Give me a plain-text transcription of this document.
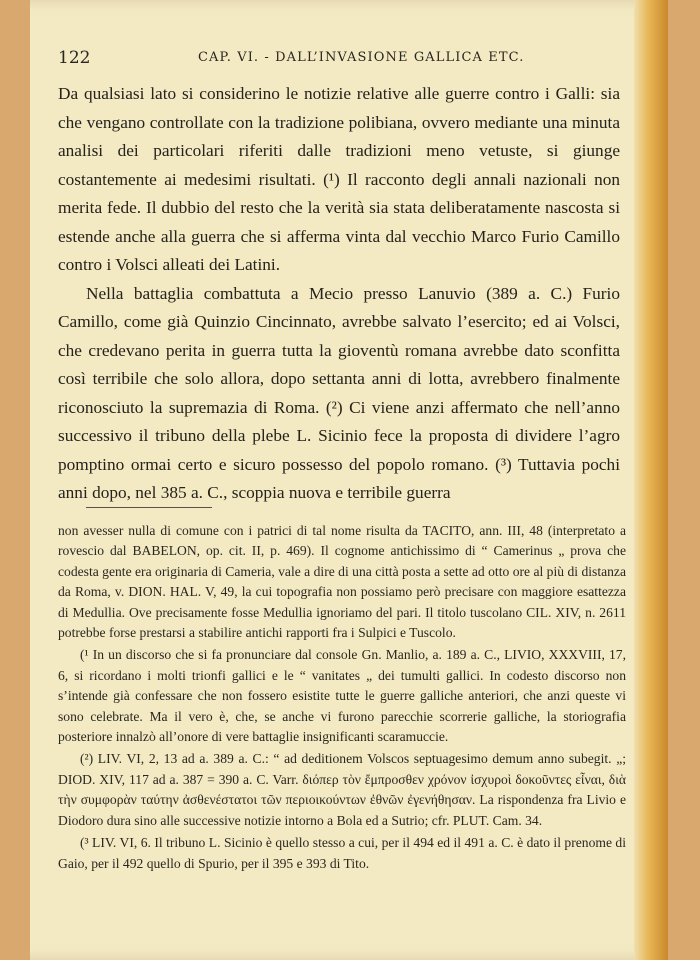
122	CAP. VI. - DALL’INVASIONE GALLICA ETC.

Da qualsiasi lato si considerino le notizie relative alle guerre contro i Galli: sia che vengano controllate con la tradizione polibiana, ovvero mediante una minuta analisi dei particolari riferiti dalle tradizioni meno vetuste, si giunge costantemente ai medesimi risultati. (¹) Il racconto degli annali nazionali non merita fede. Il dubbio del resto che la verità sia stata deliberatamente nascosta si estende anche alla guerra che si afferma vinta dal vecchio Marco Furio Camillo contro i Volsci alleati dei Latini.

Nella battaglia combattuta a Mecio presso Lanuvio (389 a. C.) Furio Camillo, come già Quinzio Cincinnato, avrebbe salvato l’esercito; ed ai Volsci, che credevano perita in guerra tutta la gioventù romana avrebbe dato sconfitta così terribile che solo allora, dopo settanta anni di lotta, avrebbero finalmente riconosciuto la supremazia di Roma. (²) Ci viene anzi affermato che nell’anno successivo il tribuno della plebe L. Sicinio fece la proposta di dividere l’agro pomptino ormai certo e sicuro possesso del popolo romano. (³) Tuttavia pochi anni dopo, nel 385 a. C., scoppia nuova e terribile guerra

non avesser nulla di comune con i patrici di tal nome risulta da TACITO, ann. III, 48 (interpretato a rovescio dal BABELON, op. cit. II, p. 469). Il cognome antichissimo di “ Camerinus „ prova che codesta gente era originaria di Cameria, vale a dire di una città posta a sette ad otto ore al più di distanza da Roma, v. DION. HAL. V, 49, la cui topografia non possiamo però precisare con maggiore esattezza di Medullia. Ove precisamente fosse Medullia ignoriamo del pari. Il titolo tuscolano CIL. XIV, n. 2611 potrebbe forse prestarsi a stabilire antichi rapporti fra i Sulpici e Tuscolo.

(¹ In un discorso che si fa pronunciare dal console Gn. Manlio, a. 189 a. C., LIVIO, XXXVIII, 17, 6, si ricordano i molti trionfi gallici e le “ vanitates „ dei tumulti gallici. In codesto discorso non s’intende già confessare che non fossero esistite tutte le guerre galliche anteriori, che anzi queste vi sono celebrate. Ma il vero è, che, se anche vi furono parecchie scorrerie galliche, la storiografia posteriore innalzò all’onore di vere battaglie insignificanti scaramuccie.

(²) LIV. VI, 2, 13 ad a. 389 a. C.: “ ad deditionem Volscos septuagesimo demum anno subegit. „; DIOD. XIV, 117 ad a. 387 = 390 a. C. Varr. διόπερ τὸν ἔμπροσθεν χρόνον ἰσχυροὶ δοκοῦντες εἶναι, διὰ τὴν συμφορὰν ταύτην ἀσθενέστατοι τῶν περιοικούντων ἐθνῶν ἐγενήθησαν. La rispondenza fra Livio e Diodoro dura sino alle successive notizie intorno a Bola ed a Sutrio; cfr. PLUT. Cam. 34.

(³ LIV. VI, 6. Il tribuno L. Sicinio è quello stesso a cui, per il 494 ed il 491 a. C. è dato il prenome di Gaio, per il 492 quello di Spurio, per il 395 e 393 di Tito.
